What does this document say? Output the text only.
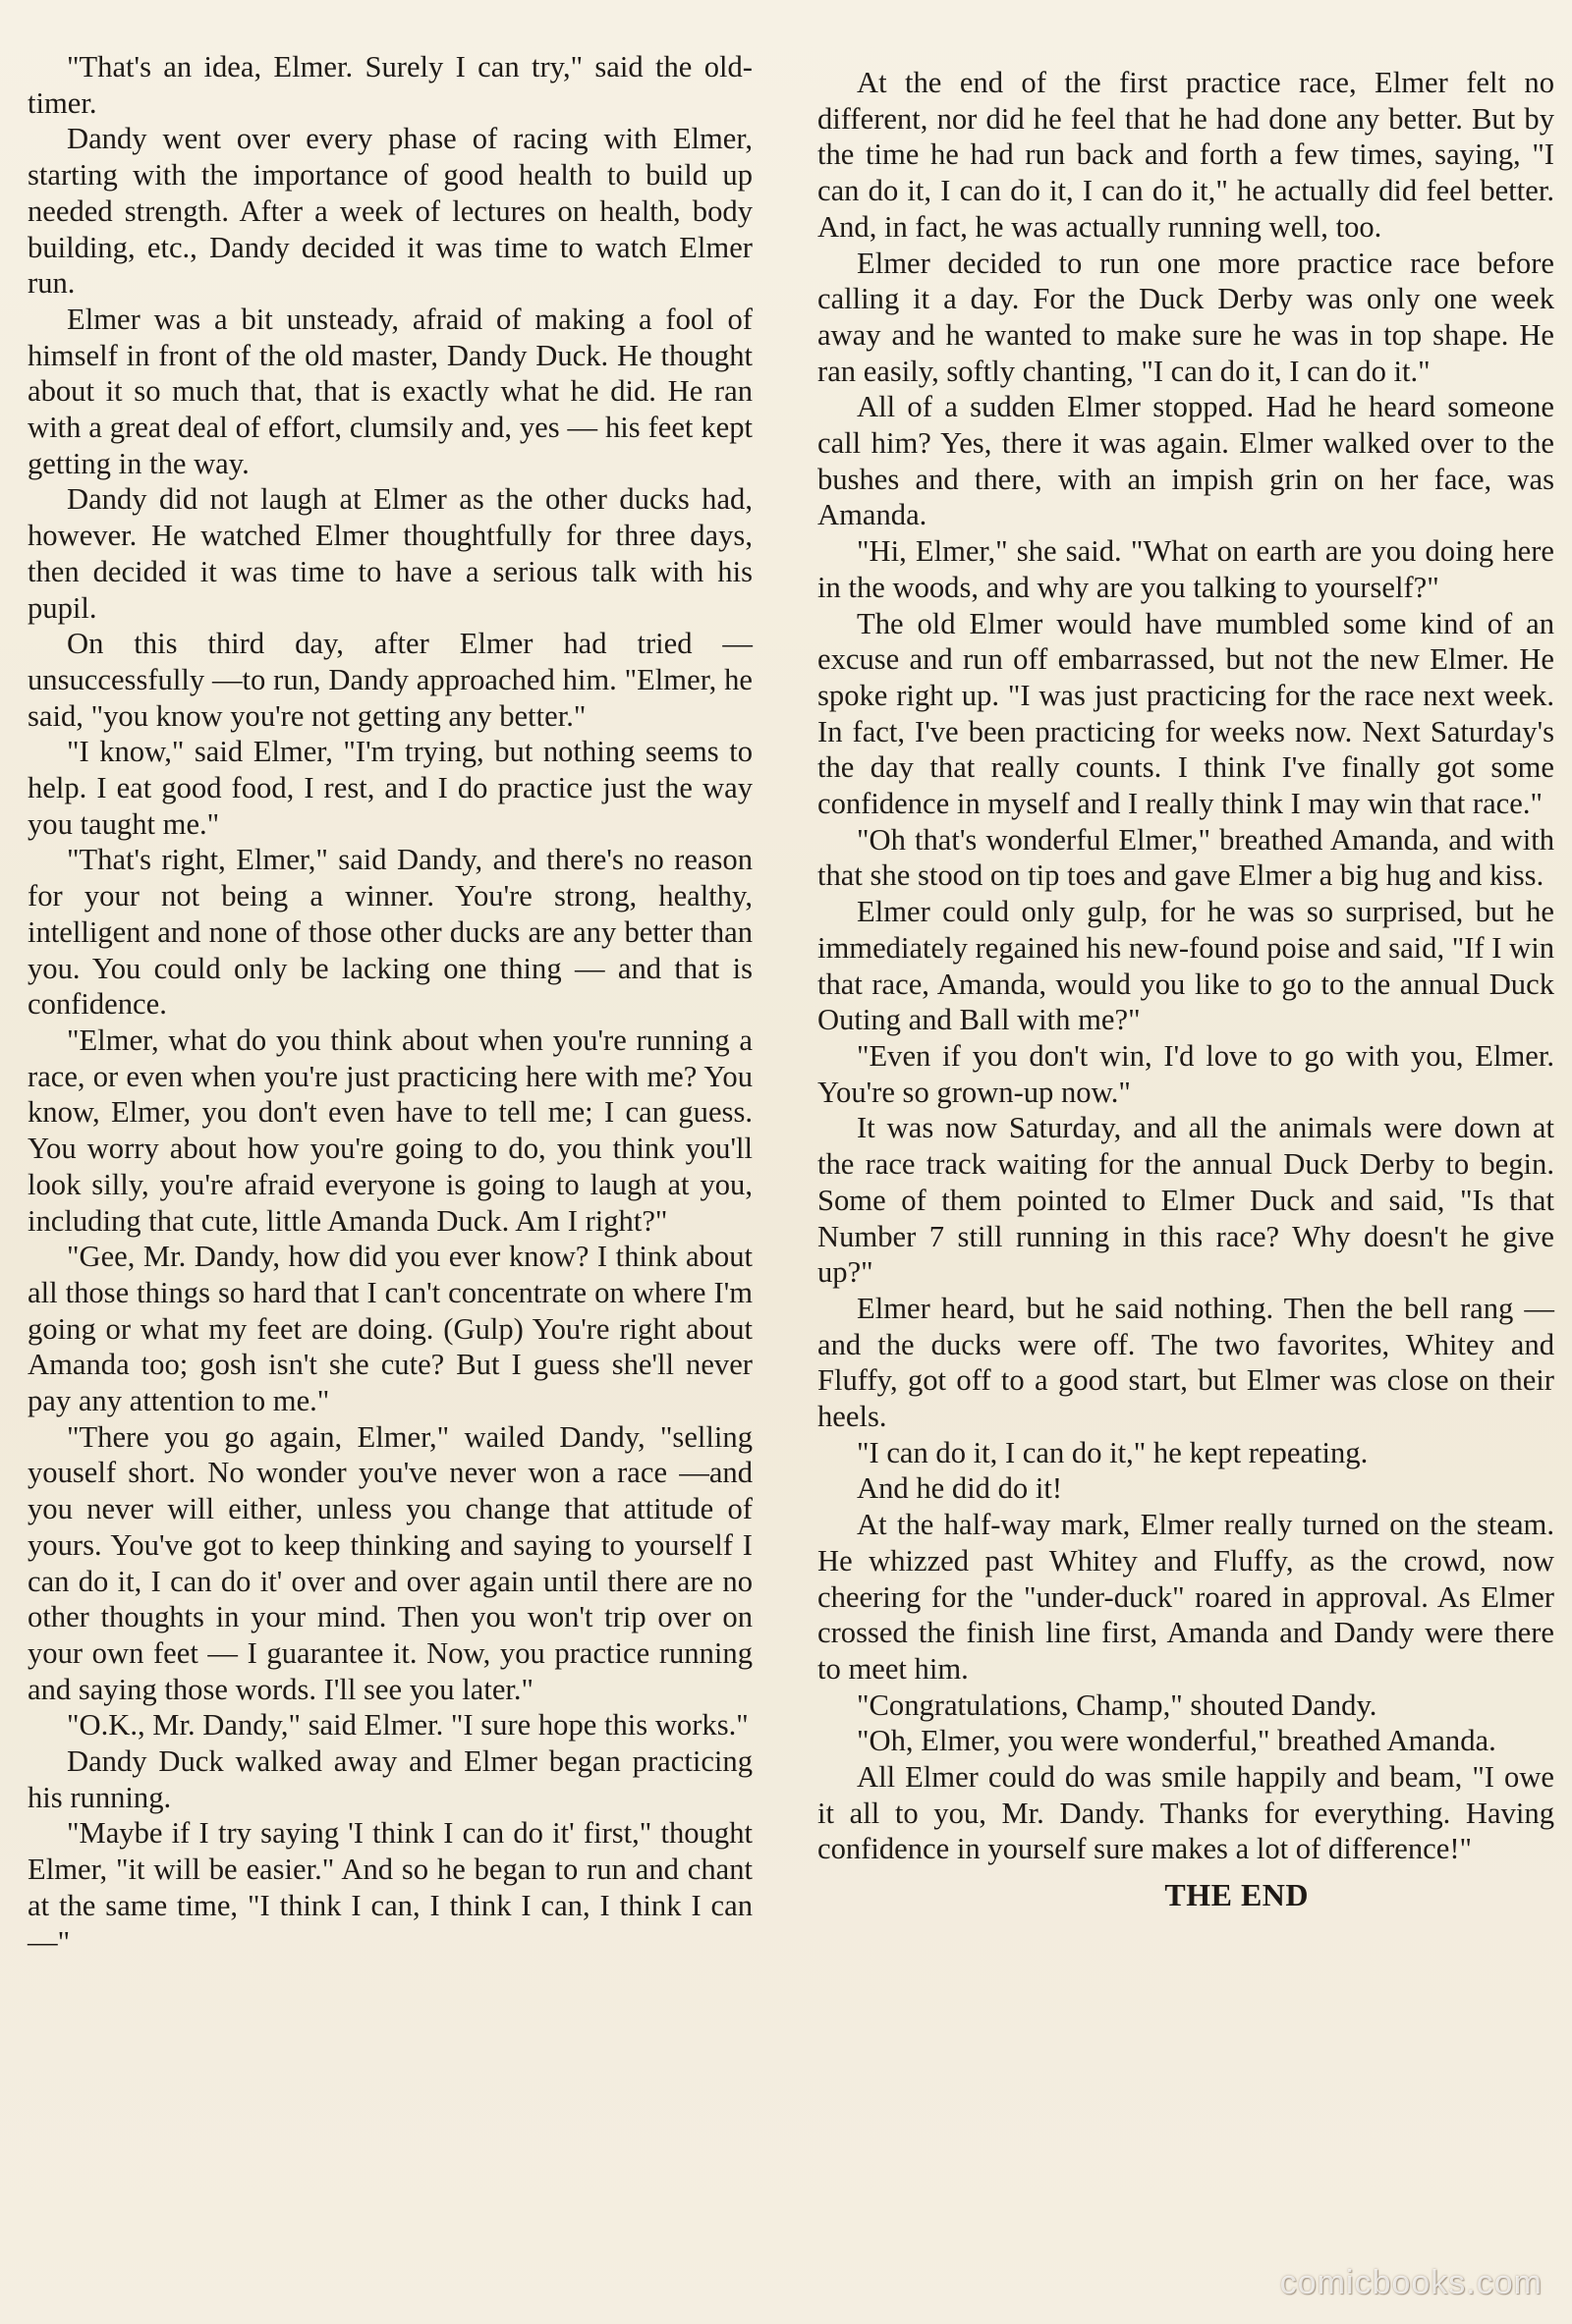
"That's an idea, Elmer. Surely I can try," said the old-timer.

Dandy went over every phase of racing with Elmer, starting with the importance of good health to build up needed strength. After a week of lectures on health, body building, etc., Dandy decided it was time to watch Elmer run.

Elmer was a bit unsteady, afraid of making a fool of himself in front of the old master, Dandy Duck. He thought about it so much that, that is exactly what he did. He ran with a great deal of effort, clumsily and, yes — his feet kept getting in the way.

Dandy did not laugh at Elmer as the other ducks had, however. He watched Elmer thoughtfully for three days, then decided it was time to have a serious talk with his pupil.

On this third day, after Elmer had tried — unsuccessfully —to run, Dandy approached him. "Elmer, he said, "you know you're not getting any better."

"I know," said Elmer, "I'm trying, but nothing seems to help. I eat good food, I rest, and I do practice just the way you taught me."

"That's right, Elmer," said Dandy, and there's no reason for your not being a winner. You're strong, healthy, intelligent and none of those other ducks are any better than you. You could only be lacking one thing — and that is confidence.

"Elmer, what do you think about when you're running a race, or even when you're just practicing here with me? You know, Elmer, you don't even have to tell me; I can guess. You worry about how you're going to do, you think you'll look silly, you're afraid everyone is going to laugh at you, including that cute, little Amanda Duck. Am I right?"

"Gee, Mr. Dandy, how did you ever know? I think about all those things so hard that I can't concentrate on where I'm going or what my feet are doing. (Gulp) You're right about Amanda too; gosh isn't she cute? But I guess she'll never pay any attention to me."

"There you go again, Elmer," wailed Dandy, "selling youself short. No wonder you've never won a race —and you never will either, unless you change that attitude of yours. You've got to keep thinking and saying to yourself I can do it, I can do it' over and over again until there are no other thoughts in your mind. Then you won't trip over on your own feet — I guarantee it. Now, you practice running and saying those words. I'll see you later."

"O.K., Mr. Dandy," said Elmer. "I sure hope this works."

Dandy Duck walked away and Elmer began practicing his running.

"Maybe if I try saying 'I think I can do it' first," thought Elmer, "it will be easier." And so he began to run and chant at the same time, "I think I can, I think I can, I think I can —"

At the end of the first practice race, Elmer felt no different, nor did he feel that he had done any better. But by the time he had run back and forth a few times, saying, "I can do it, I can do it, I can do it," he actually did feel better. And, in fact, he was actually running well, too.

Elmer decided to run one more practice race before calling it a day. For the Duck Derby was only one week away and he wanted to make sure he was in top shape. He ran easily, softly chanting, "I can do it, I can do it."

All of a sudden Elmer stopped. Had he heard someone call him? Yes, there it was again. Elmer walked over to the bushes and there, with an impish grin on her face, was Amanda.

"Hi, Elmer," she said. "What on earth are you doing here in the woods, and why are you talking to yourself?"

The old Elmer would have mumbled some kind of an excuse and run off embarrassed, but not the new Elmer. He spoke right up. "I was just practicing for the race next week. In fact, I've been practicing for weeks now. Next Saturday's the day that really counts. I think I've finally got some confidence in myself and I really think I may win that race."

"Oh that's wonderful Elmer," breathed Amanda, and with that she stood on tip toes and gave Elmer a big hug and kiss.

Elmer could only gulp, for he was so surprised, but he immediately regained his new-found poise and said, "If I win that race, Amanda, would you like to go to the annual Duck Outing and Ball with me?"

"Even if you don't win, I'd love to go with you, Elmer. You're so grown-up now."

It was now Saturday, and all the animals were down at the race track waiting for the annual Duck Derby to begin. Some of them pointed to Elmer Duck and said, "Is that Number 7 still running in this race? Why doesn't he give up?"

Elmer heard, but he said nothing. Then the bell rang — and the ducks were off. The two favorites, Whitey and Fluffy, got off to a good start, but Elmer was close on their heels.

"I can do it, I can do it," he kept repeating.

And he did do it!

At the half-way mark, Elmer really turned on the steam. He whizzed past Whitey and Fluffy, as the crowd, now cheering for the "under-duck" roared in approval. As Elmer crossed the finish line first, Amanda and Dandy were there to meet him.

"Congratulations, Champ," shouted Dandy.

"Oh, Elmer, you were wonderful," breathed Amanda.

All Elmer could do was smile happily and beam, "I owe it all to you, Mr. Dandy. Thanks for everything. Having confidence in yourself sure makes a lot of difference!"

THE END
comicbooks.com
